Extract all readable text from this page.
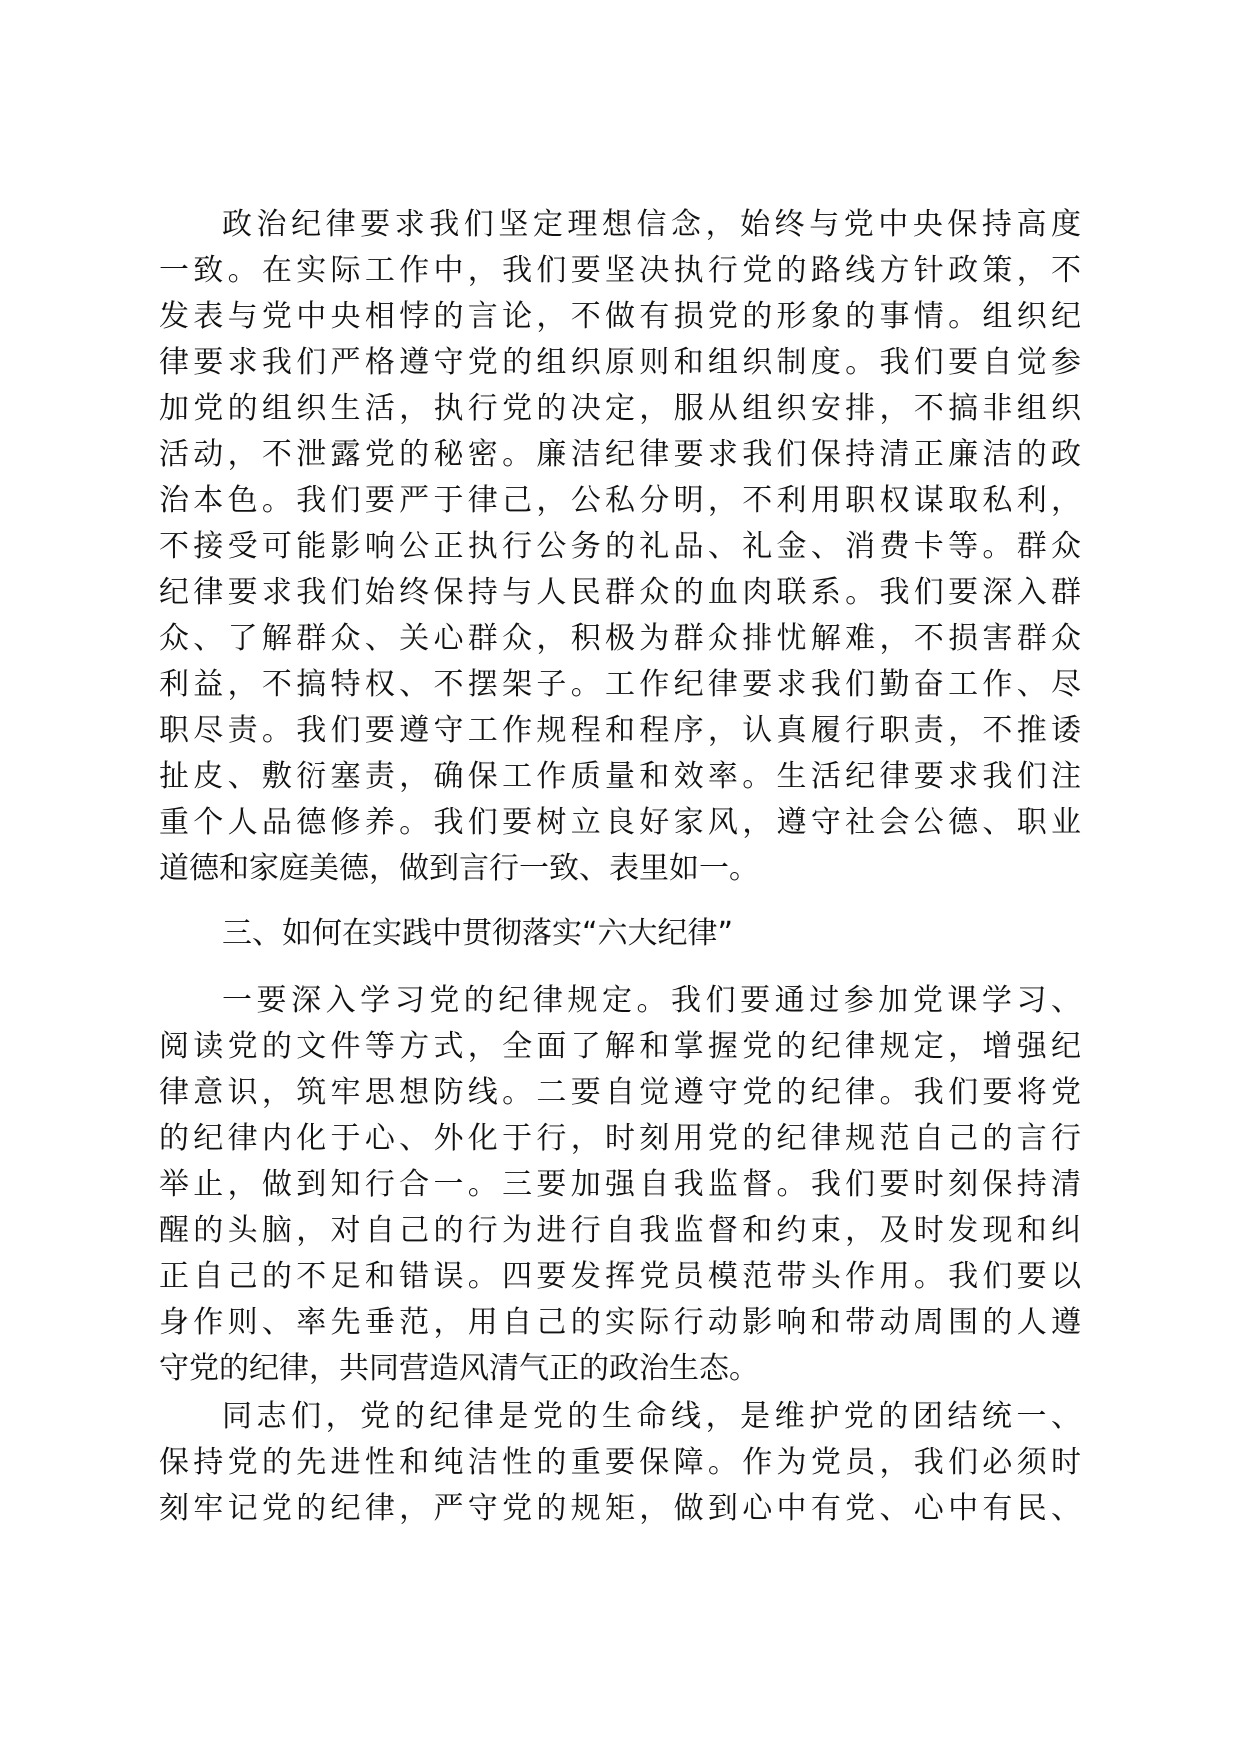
政治纪律要求我们坚定理想信念，始终与党中央保持高度
一致。在实际工作中，我们要坚决执行党的路线方针政策，不
发表与党中央相悖的言论，不做有损党的形象的事情。组织纪
律要求我们严格遵守党的组织原则和组织制度。我们要自觉参
加党的组织生活，执行党的决定，服从组织安排，不搞非组织
活动，不泄露党的秘密。廉洁纪律要求我们保持清正廉洁的政
治本色。我们要严于律己，公私分明，不利用职权谋取私利，
不接受可能影响公正执行公务的礼品、礼金、消费卡等。群众
纪律要求我们始终保持与人民群众的血肉联系。我们要深入群
众、了解群众、关心群众，积极为群众排忧解难，不损害群众
利益，不搞特权、不摆架子。工作纪律要求我们勤奋工作、尽
职尽责。我们要遵守工作规程和程序，认真履行职责，不推诿
扯皮、敷衍塞责，确保工作质量和效率。生活纪律要求我们注
重个人品德修养。我们要树立良好家风，遵守社会公德、职业
道德和家庭美德，做到言行一致、表里如一。
三、如何在实践中贯彻落实“六大纪律”
一要深入学习党的纪律规定。我们要通过参加党课学习、
阅读党的文件等方式，全面了解和掌握党的纪律规定，增强纪
律意识，筑牢思想防线。二要自觉遵守党的纪律。我们要将党
的纪律内化于心、外化于行，时刻用党的纪律规范自己的言行
举止，做到知行合一。三要加强自我监督。我们要时刻保持清
醒的头脑，对自己的行为进行自我监督和约束，及时发现和纠
正自己的不足和错误。四要发挥党员模范带头作用。我们要以
身作则、率先垂范，用自己的实际行动影响和带动周围的人遵
守党的纪律，共同营造风清气正的政治生态。
同志们，党的纪律是党的生命线，是维护党的团结统一、
保持党的先进性和纯洁性的重要保障。作为党员，我们必须时
刻牢记党的纪律，严守党的规矩，做到心中有党、心中有民、
